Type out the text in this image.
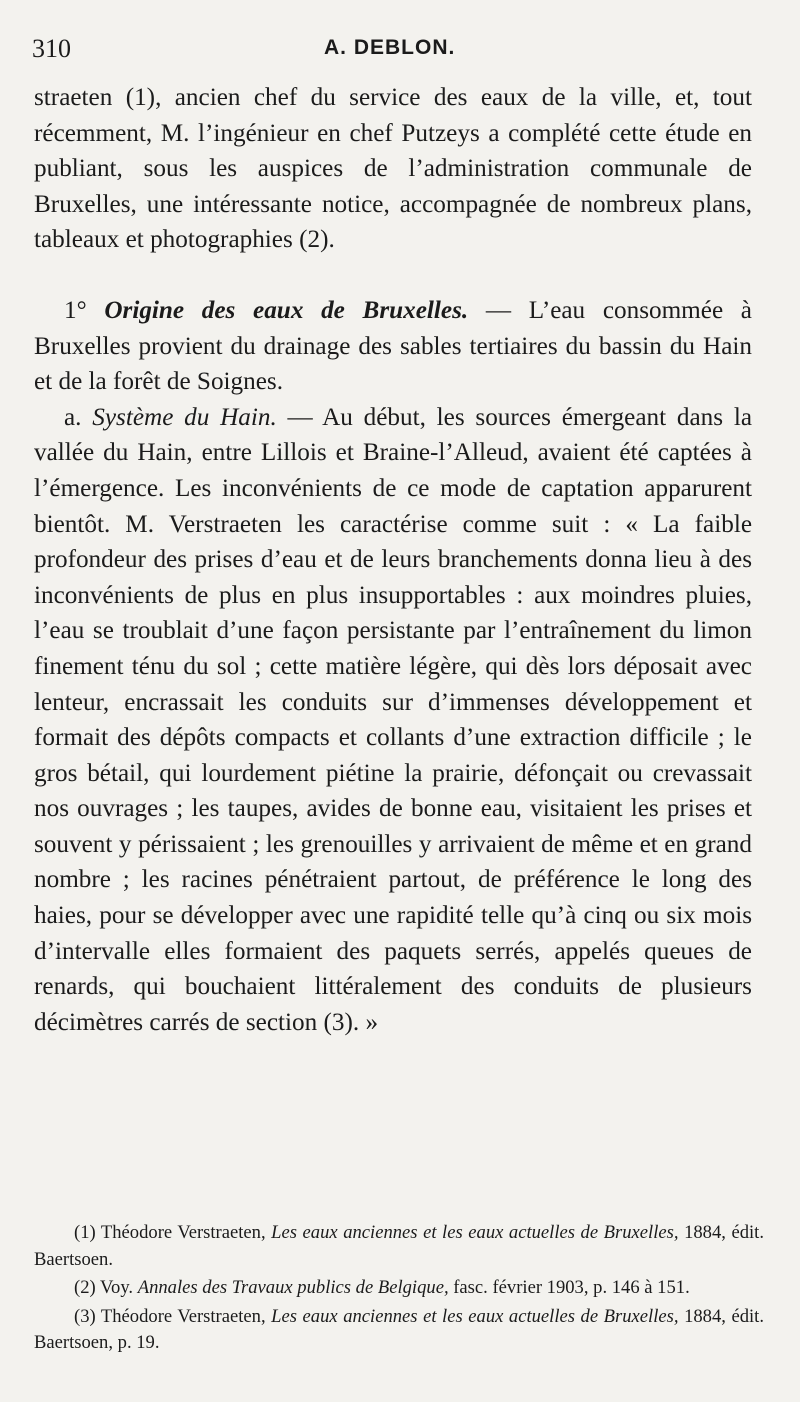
310	A. DEBLON.

straeten (1), ancien chef du service des eaux de la ville, et, tout récemment, M. l’ingénieur en chef Putzeys a complété cette étude en publiant, sous les auspices de l’administration communale de Bruxelles, une intéressante notice, accompagnée de nombreux plans, tableaux et photographies (2).

1° Origine des eaux de Bruxelles. — L’eau consommée à Bruxelles provient du drainage des sables tertiaires du bassin du Hain et de la forêt de Soignes.

a. Système du Hain. — Au début, les sources émergeant dans la vallée du Hain, entre Lillois et Braine-l’Alleud, avaient été captées à l’émergence. Les inconvénients de ce mode de captation apparurent bientôt. M. Verstraeten les caractérise comme suit : « La faible profondeur des prises d’eau et de leurs branchements donna lieu à des inconvénients de plus en plus insupportables : aux moindres pluies, l’eau se troublait d’une façon persistante par l’entraînement du limon finement ténu du sol ; cette matière légère, qui dès lors déposait avec lenteur, encrassait les conduits sur d’immenses développement et formait des dépôts compacts et collants d’une extraction difficile ; le gros bétail, qui lourdement piétine la prairie, défonçait ou crevassait nos ouvrages ; les taupes, avides de bonne eau, visitaient les prises et souvent y périssaient ; les grenouilles y arrivaient de même et en grand nombre ; les racines pénétraient partout, de préférence le long des haies, pour se développer avec une rapidité telle qu’à cinq ou six mois d’intervalle elles formaient des paquets serrés, appelés queues de renards, qui bouchaient littéralement des conduits de plusieurs décimètres carrés de section (3). »

(1) Théodore Verstraeten, Les eaux anciennes et les eaux actuelles de Bruxelles, 1884, édit. Baertsoen.

(2) Voy. Annales des Travaux publics de Belgique, fasc. février 1903, p. 146 à 151.

(3) Théodore Verstraeten, Les eaux anciennes et les eaux actuelles de Bruxelles, 1884, édit. Baertsoen, p. 19.
